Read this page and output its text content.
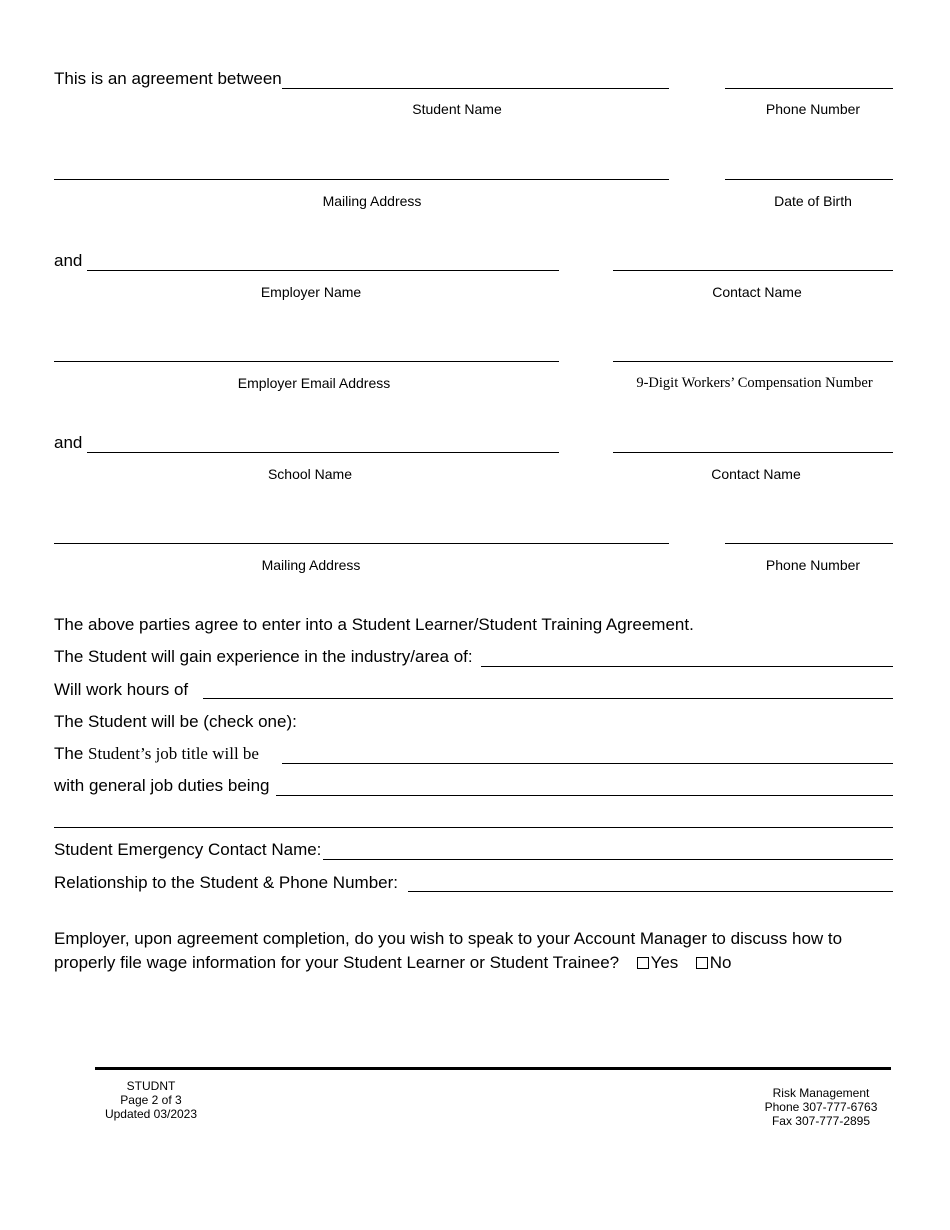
This is an agreement between
Student Name	Phone Number
Mailing Address	Date of Birth
and
Employer Name	Contact Name
Employer Email Address	9-Digit Workers’ Compensation Number
and
School Name	Contact Name
Mailing Address	Phone Number
The above parties agree to enter into a Student Learner/Student Training Agreement.
The Student will gain experience in the industry/area of:
Will work hours of
The Student will be (check one):
The Student’s job title will be
with general job duties being
Student Emergency Contact Name:
Relationship to the Student & Phone Number:
Employer, upon agreement completion, do you wish to speak to your Account Manager to discuss how to
properly file wage information for your Student Learner or Student Trainee? Yes No
STUDNT
Page 2 of 3
Updated 03/2023
Risk Management
Phone 307-777-6763
Fax 307-777-2895
